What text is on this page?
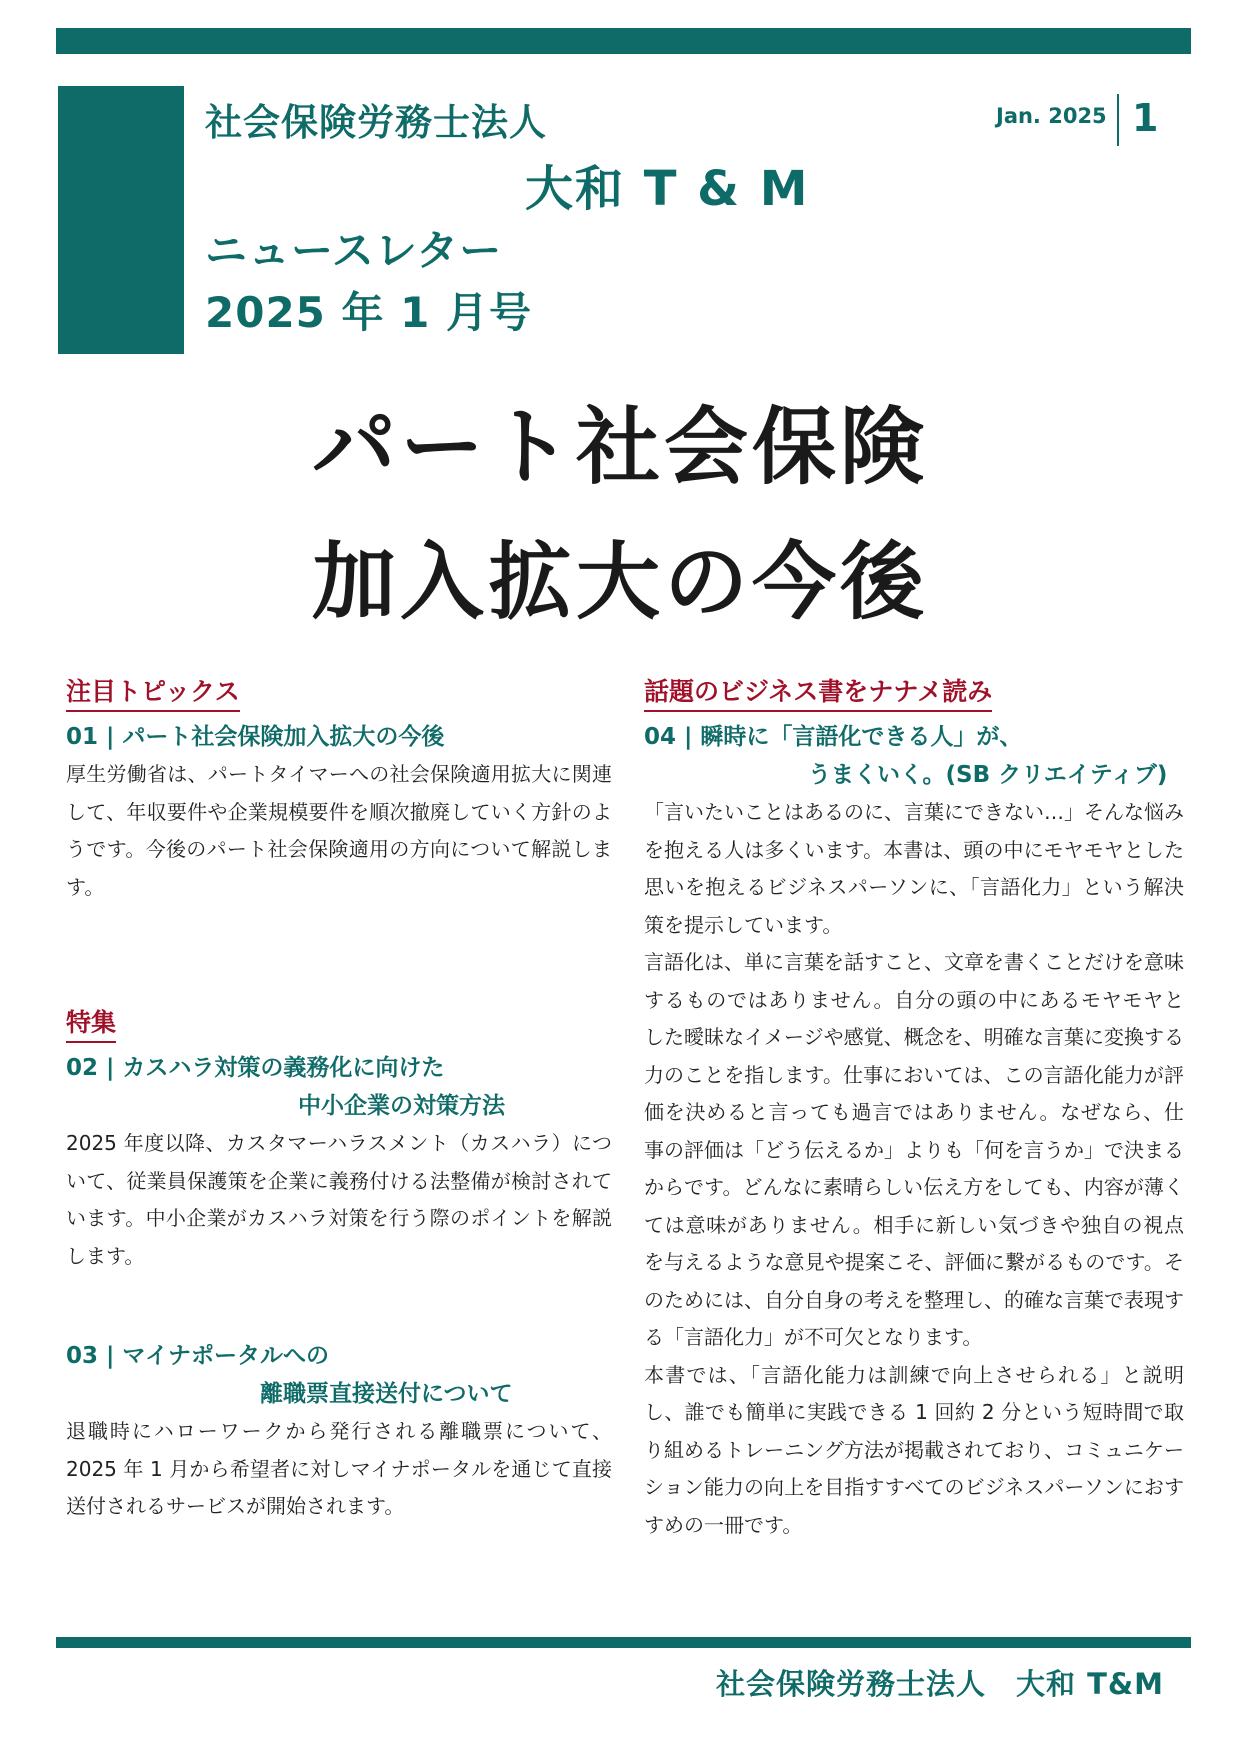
社会保険労務士法人
大和 T & M
ニュースレター
2025 年 1 月号
Jan. 2025 1
パート社会保険
加入拡大の今後
注目トピックス
01 | パート社会保険加入拡大の今後
厚生労働省は、パートタイマーへの社会保険適用拡大に関連して、年収要件や企業規模要件を順次撤廃していく方針のようです。今後のパート社会保険適用の方向について解説します。
特集
02 | カスハラ対策の義務化に向けた
中小企業の対策方法
2025 年度以降、カスタマーハラスメント（カスハラ）について、従業員保護策を企業に義務付ける法整備が検討されています。中小企業がカスハラ対策を行う際のポイントを解説します。
03 | マイナポータルへの
離職票直接送付について
退職時にハローワークから発行される離職票について、2025 年 1 月から希望者に対しマイナポータルを通じて直接送付されるサービスが開始されます。
話題のビジネス書をナナメ読み
04 | 瞬時に「言語化できる人」が、
うまくいく。(SB クリエイティブ)
「言いたいことはあるのに、言葉にできない…」そんな悩みを抱える人は多くいます。本書は、頭の中にモヤモヤとした思いを抱えるビジネスパーソンに、「言語化力」という解決策を提示しています。
言語化は、単に言葉を話すこと、文章を書くことだけを意味するものではありません。自分の頭の中にあるモヤモヤとした曖昧なイメージや感覚、概念を、明確な言葉に変換する力のことを指します。仕事においては、この言語化能力が評価を決めると言っても過言ではありません。なぜなら、仕事の評価は「どう伝えるか」よりも「何を言うか」で決まるからです。どんなに素晴らしい伝え方をしても、内容が薄くては意味がありません。相手に新しい気づきや独自の視点を与えるような意見や提案こそ、評価に繋がるものです。そのためには、自分自身の考えを整理し、的確な言葉で表現する「言語化力」が不可欠となります。
本書では、「言語化能力は訓練で向上させられる」と説明し、誰でも簡単に実践できる 1 回約 2 分という短時間で取り組めるトレーニング方法が掲載されており、コミュニケーション能力の向上を目指すすべてのビジネスパーソンにおすすめの一冊です。
社会保険労務士法人　大和 T&M
